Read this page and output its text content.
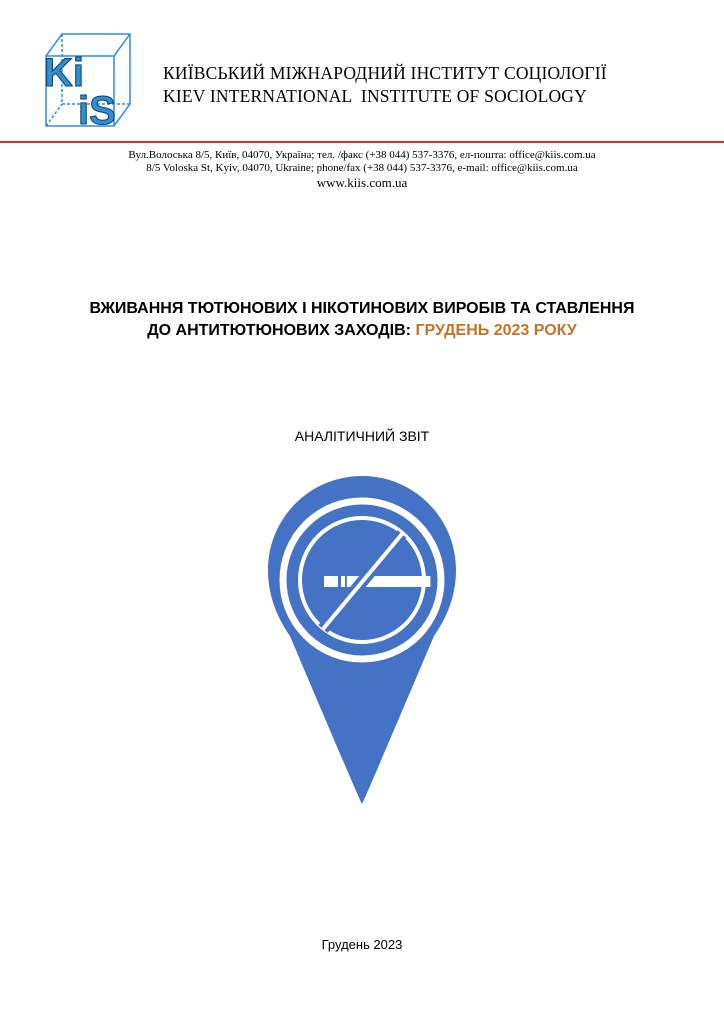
Ki
iS
КИЇВСЬКИЙ МІЖНАРОДНИЙ ІНСТИТУТ СОЦІОЛОГІЇ
KIEV INTERNATIONAL  INSTITUTE OF SOCIOLOGY
Вул.Волоська 8/5, Київ, 04070, Україна; тел. /факс (+38 044) 537-3376, ел-пошта: office@kiis.com.ua
8/5 Voloska St, Kyiv, 04070, Ukraine; phone/fax (+38 044) 537-3376, e-mail: office@kiis.com.ua
www.kiis.com.ua
ВЖИВАННЯ ТЮТЮНОВИХ І НІКОТИНОВИХ ВИРОБІВ ТА СТАВЛЕННЯ
ДО АНТИТЮТЮНОВИХ ЗАХОДІВ: ГРУДЕНЬ 2023 РОКУ
АНАЛІТИЧНИЙ ЗВІТ
Грудень 2023
